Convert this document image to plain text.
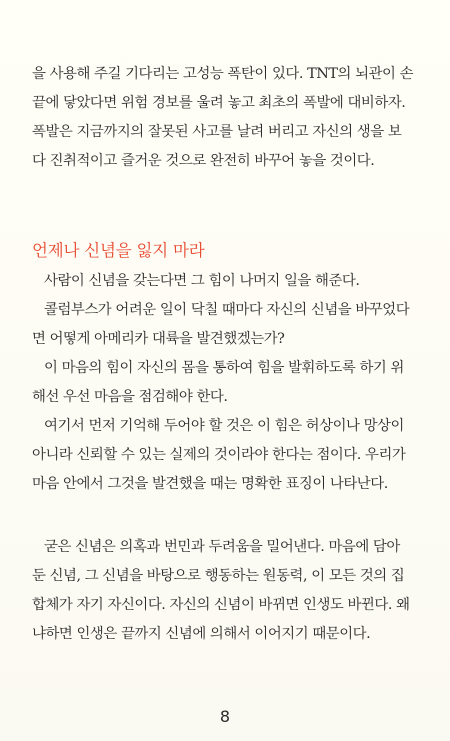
을 사용해 주길 기다리는 고성능 폭탄이 있다. TNT의 뇌관이 손
끝에 닿았다면 위험 경보를 울려 놓고 최초의 폭발에 대비하자.
폭발은 지금까지의 잘못된 사고를 날려 버리고 자신의 생을 보
다 진취적이고 즐거운 것으로 완전히 바꾸어 놓을 것이다.

언제나 신념을 잃지 마라

사람이 신념을 갖는다면 그 힘이 나머지 일을 해준다.

콜럼부스가 어려운 일이 닥칠 때마다 자신의 신념을 바꾸었다
면 어떻게 아메리카 대륙을 발견했겠는가?

이 마음의 힘이 자신의 몸을 통하여 힘을 발휘하도록 하기 위
해선 우선 마음을 점검해야 한다.

여기서 먼저 기억해 두어야 할 것은 이 힘은 허상이나 망상이
아니라 신뢰할 수 있는 실제의 것이라야 한다는 점이다. 우리가
마음 안에서 그것을 발견했을 때는 명확한 표징이 나타난다.

굳은 신념은 의혹과 번민과 두려움을 밀어낸다. 마음에 담아
둔 신념, 그 신념을 바탕으로 행동하는 원동력, 이 모든 것의 집
합체가 자기 자신이다. 자신의 신념이 바뀌면 인생도 바뀐다. 왜
냐하면 인생은 끝까지 신념에 의해서 이어지기 때문이다.

8
